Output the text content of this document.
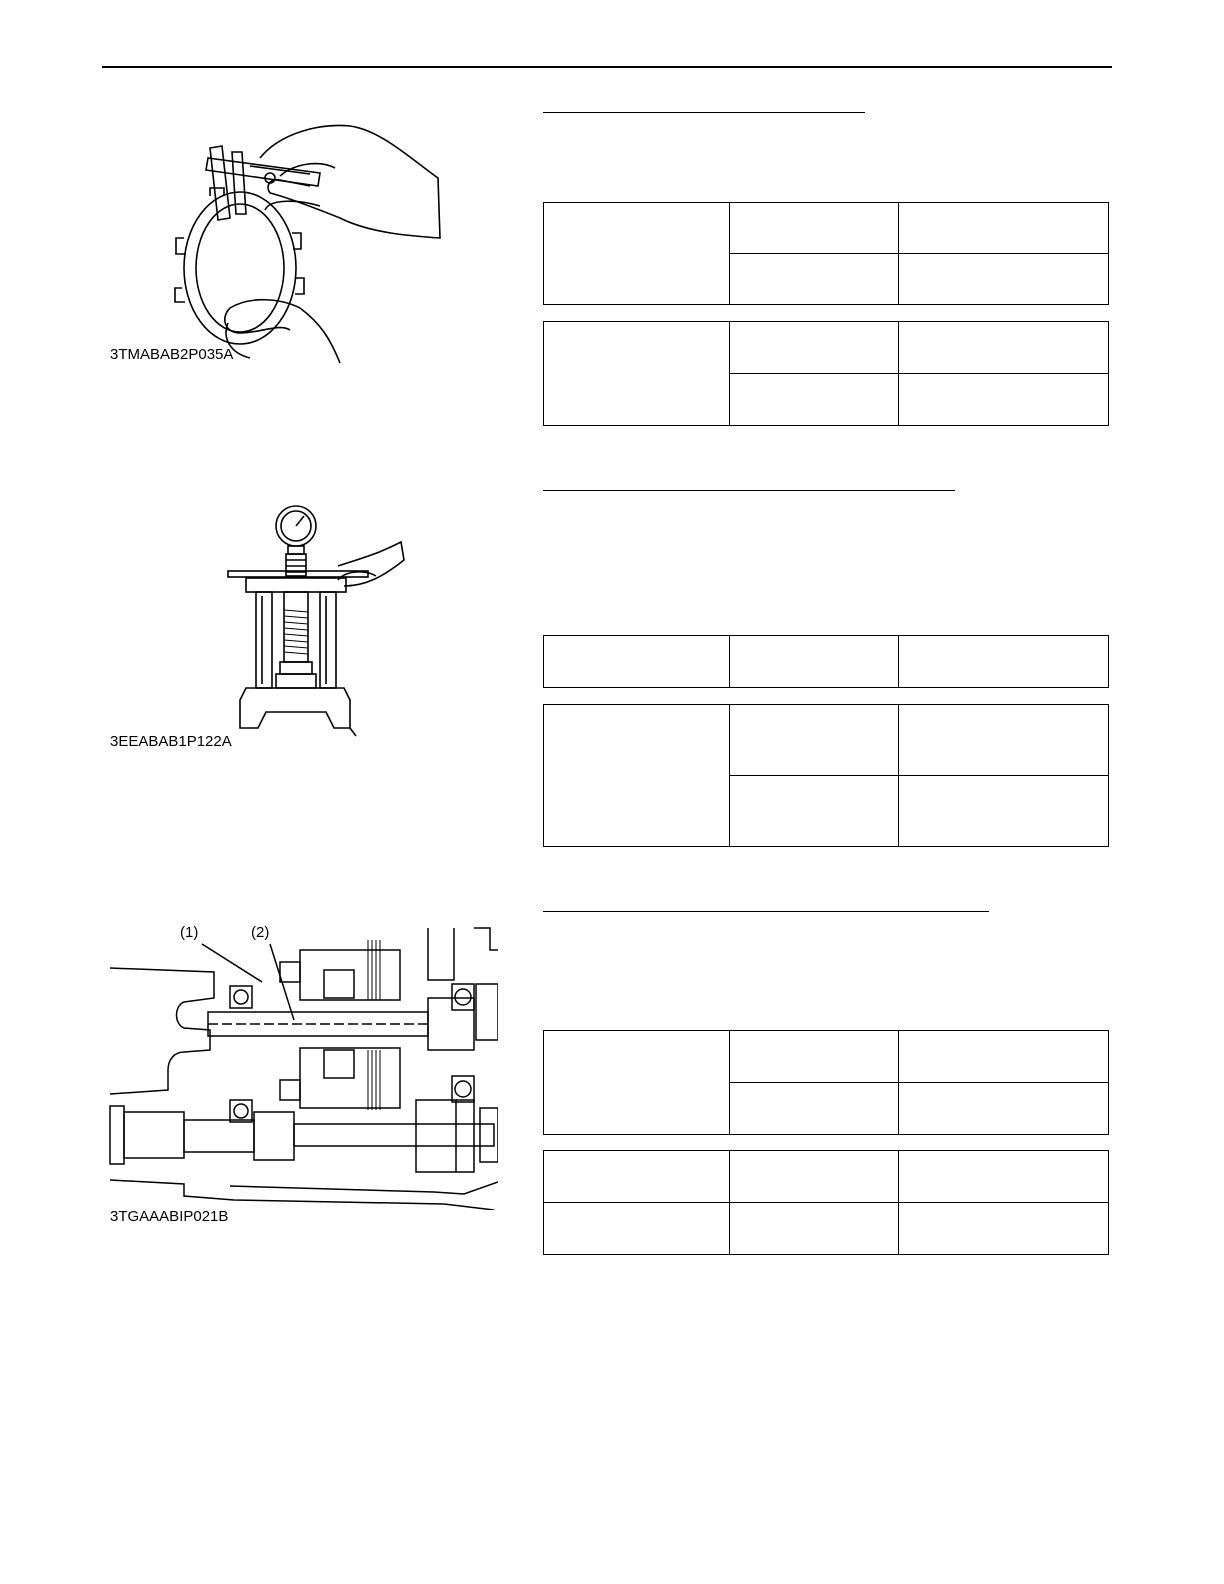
3TMABAB2P035A

3EEABAB1P122A

(1)	(2)
3TGAAABIP021B
